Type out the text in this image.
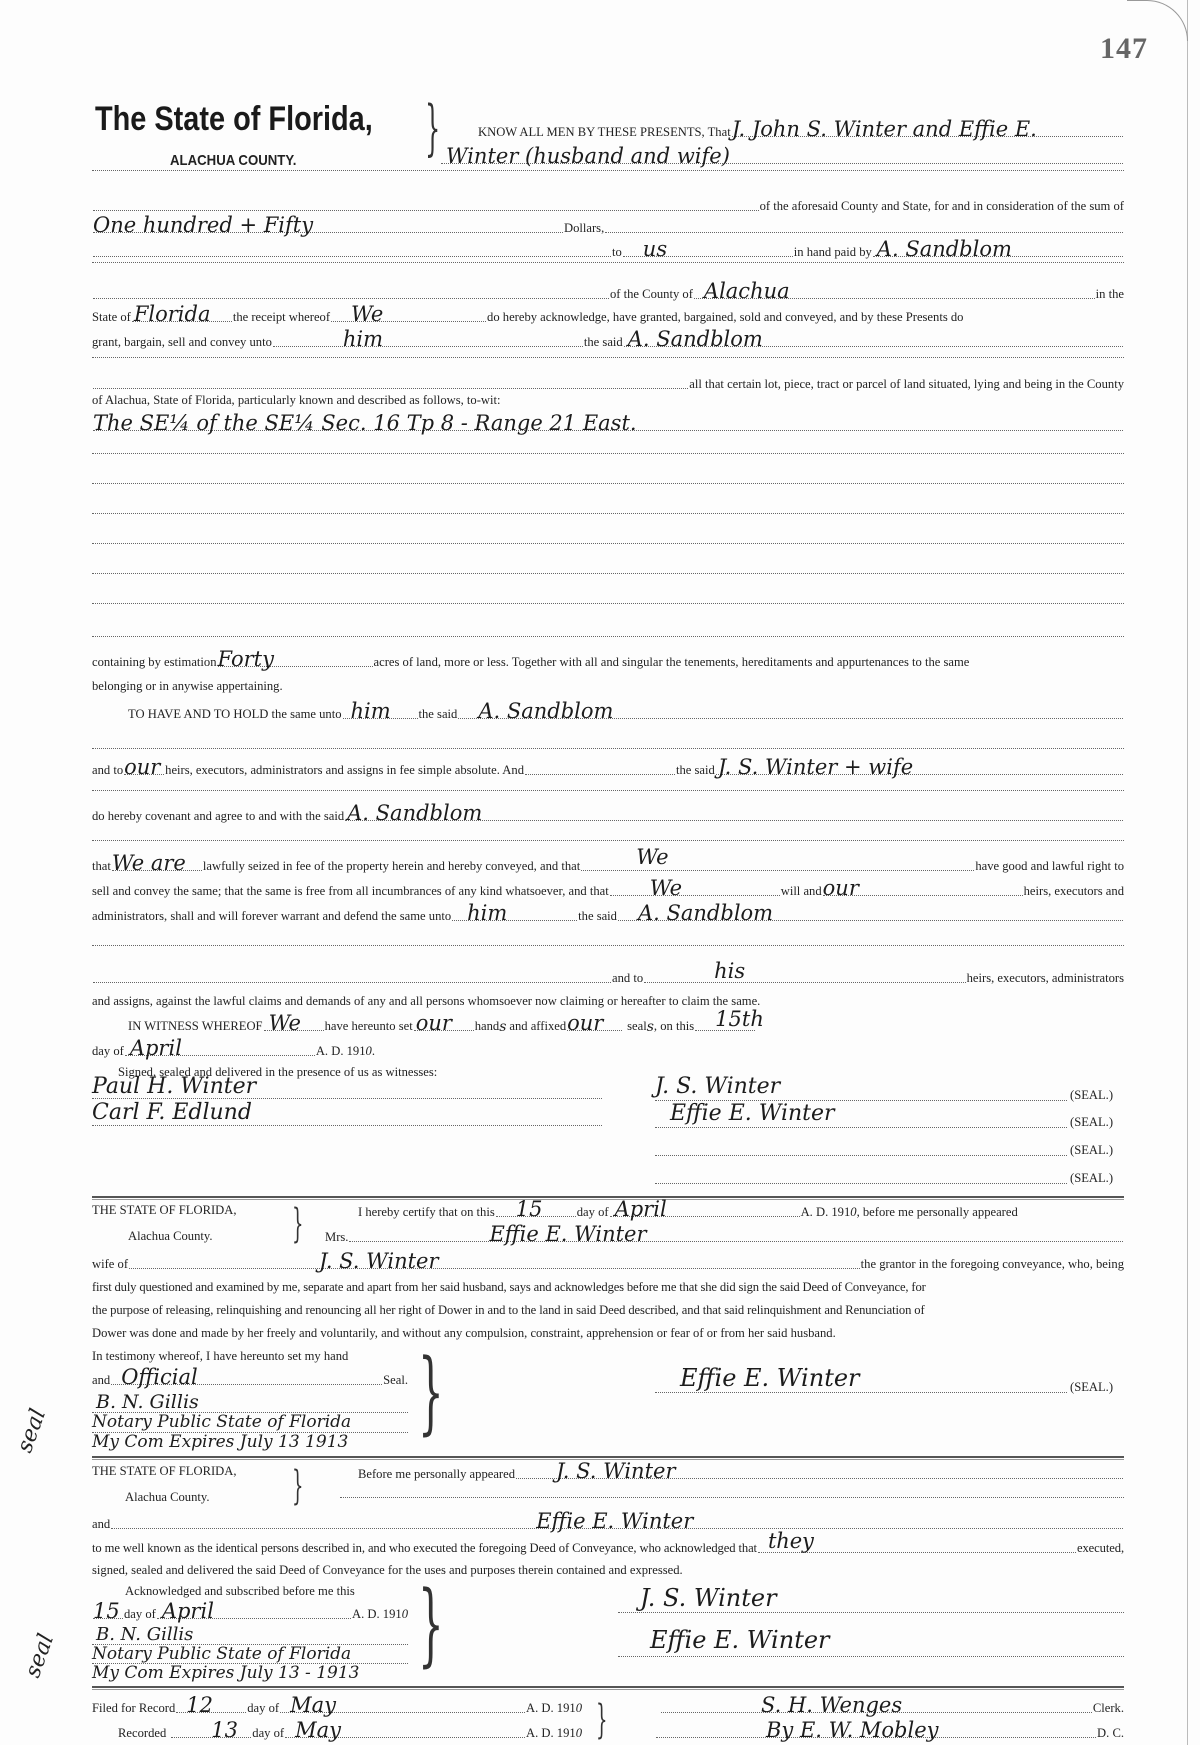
147
The State of Florida,
ALACHUA COUNTY. }	KNOW ALL MEN BY THESE PRESENTS, That J. John S. Winter and Effie E.
Winter (husband and wife)
of the aforesaid County and State, for and in consideration of the sum of
One hundred + Fifty	Dollars,
to us	in hand paid by A. Sandblom
of the County of Alachua	in the
State of Florida the receipt whereof We	do hereby acknowledge, have granted, bargained, sold and conveyed, and by these Presents do
grant, bargain, sell and convey unto	him	the said A. Sandblom
all that certain lot, piece, tract or parcel of land situated, lying and being in the County
of Alachua, State of Florida, particularly known and described as follows, to-wit:
The SE¼ of the SE¼ Sec. 16 Tp 8 - Range 21 East.
containing by estimation Forty	acres of land, more or less. Together with all and singular the tenements, hereditaments and appurtenances to the same
belonging or in anywise appertaining.
TO HAVE AND TO HOLD the same unto him the said A. Sandblom
and to our heirs, executors, administrators and assigns in fee simple absolute. And	the said J. S. Winter + wife
do hereby covenant and agree to and with the said A. Sandblom
that We are lawfully seized in fee of the property herein and hereby conveyed, and that	We	have good and lawful right to
sell and convey the same; that the same is free from all incumbrances of any kind whatsoever, and that We	will and our	heirs, executors and
administrators, shall and will forever warrant and defend the same unto him	the said A. Sandblom
and to	his	heirs, executors, administrators
and assigns, against the lawful claims and demands of any and all persons whomsoever now claiming or hereafter to claim the same.
IN WITNESS WHEREOF We have hereunto set our hand s and affixed our seal s , on this 15th
day of April	A. D. 191 0 .
Signed, sealed and delivered in the presence of us as witnesses:
Paul H. Winter
Carl F. Edlund
J. S. Winter
Effie E. Winter
(SEAL.)
(SEAL.)
(SEAL.)
(SEAL.)
THE STATE OF FLORIDA,
Alachua County. }	I hereby certify that on this 15	day of April	A. D. 191 0 , before me personally appeared
Mrs.	Effie E. Winter
wife of	J. S. Winter	the grantor in the foregoing conveyance, who, being
first duly questioned and examined by me, separate and apart from her said husband, says and acknowledges before me that she did sign the said Deed of Conveyance, for
the purpose of releasing, relinquishing and renouncing all her right of Dower in and to the land in said Deed described, and that said relinquishment and Renunciation of
Dower was done and made by her freely and voluntarily, and without any compulsion, constraint, apprehension or fear of or from her said husband.
In testimony whereof, I have hereunto set my hand
and Official	Seal. }
B. N. Gillis
Notary Public State of Florida
My Com Expires July 13 1913
seal
Effie E. Winter	(SEAL.)
THE STATE OF FLORIDA,
Alachua County. }	Before me personally appeared J. S. Winter
and	Effie E. Winter
to me well known as the identical persons described in, and who executed the foregoing Deed of Conveyance, who acknowledged that they	executed,
signed, sealed and delivered the said Deed of Conveyance for the uses and purposes therein contained and expressed.
Acknowledged and subscribed before me this }
15 day of April	A. D. 191 0
B. N. Gillis
Notary Public State of Florida
My Com Expires July 13 - 1913
seal
J. S. Winter
Effie E. Winter
Filed for Record 12	day of May	A. D. 191 0
Recorded 13 day of May	A. D. 191 0 }	S. H. Wenges	Clerk.
By E. W. Mobley	D. C.
